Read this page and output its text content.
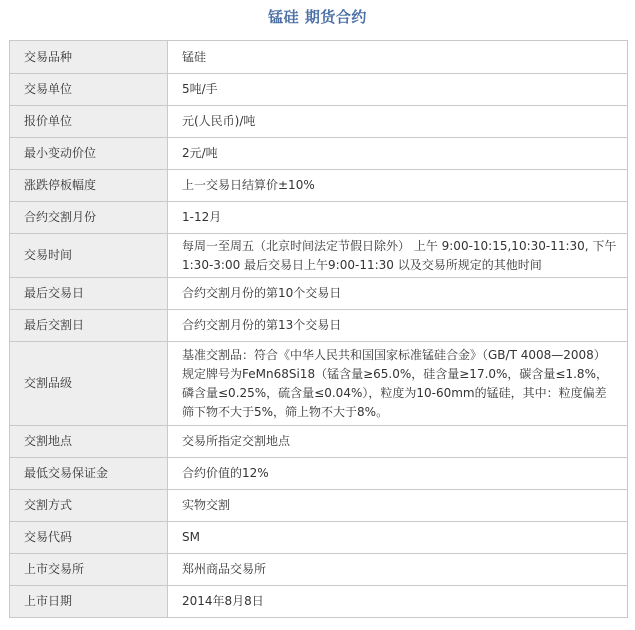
锰硅 期货合约
交易品种	锰硅
交易单位	5吨/手
报价单位	元(人民币)/吨
最小变动价位	2元/吨
涨跌停板幅度	上一交易日结算价±10%
合约交割月份	1-12月
交易时间	每周一至周五（北京时间法定节假日除外） 上午 9:00-10:15,10:30-11:30, 下午 1:30-3:00 最后交易日上午9:00-11:30 以及交易所规定的其他时间
最后交易日	合约交割月份的第10个交易日
最后交割日	合约交割月份的第13个交易日
交割品级	基准交割品：符合《中华人民共和国国家标准锰硅合金》（GB/T 4008—2008）规定牌号为FeMn68Si18（锰含量≥65.0%，硅含量≥17.0%，碳含量≤1.8%，磷含量≤0.25%，硫含量≤0.04%），粒度为10-60mm的锰硅，其中：粒度偏差筛下物不大于5%，筛上物不大于8%。
交割地点	交易所指定交割地点
最低交易保证金	合约价值的12%
交割方式	实物交割
交易代码	SM
上市交易所	郑州商品交易所
上市日期	2014年8月8日
